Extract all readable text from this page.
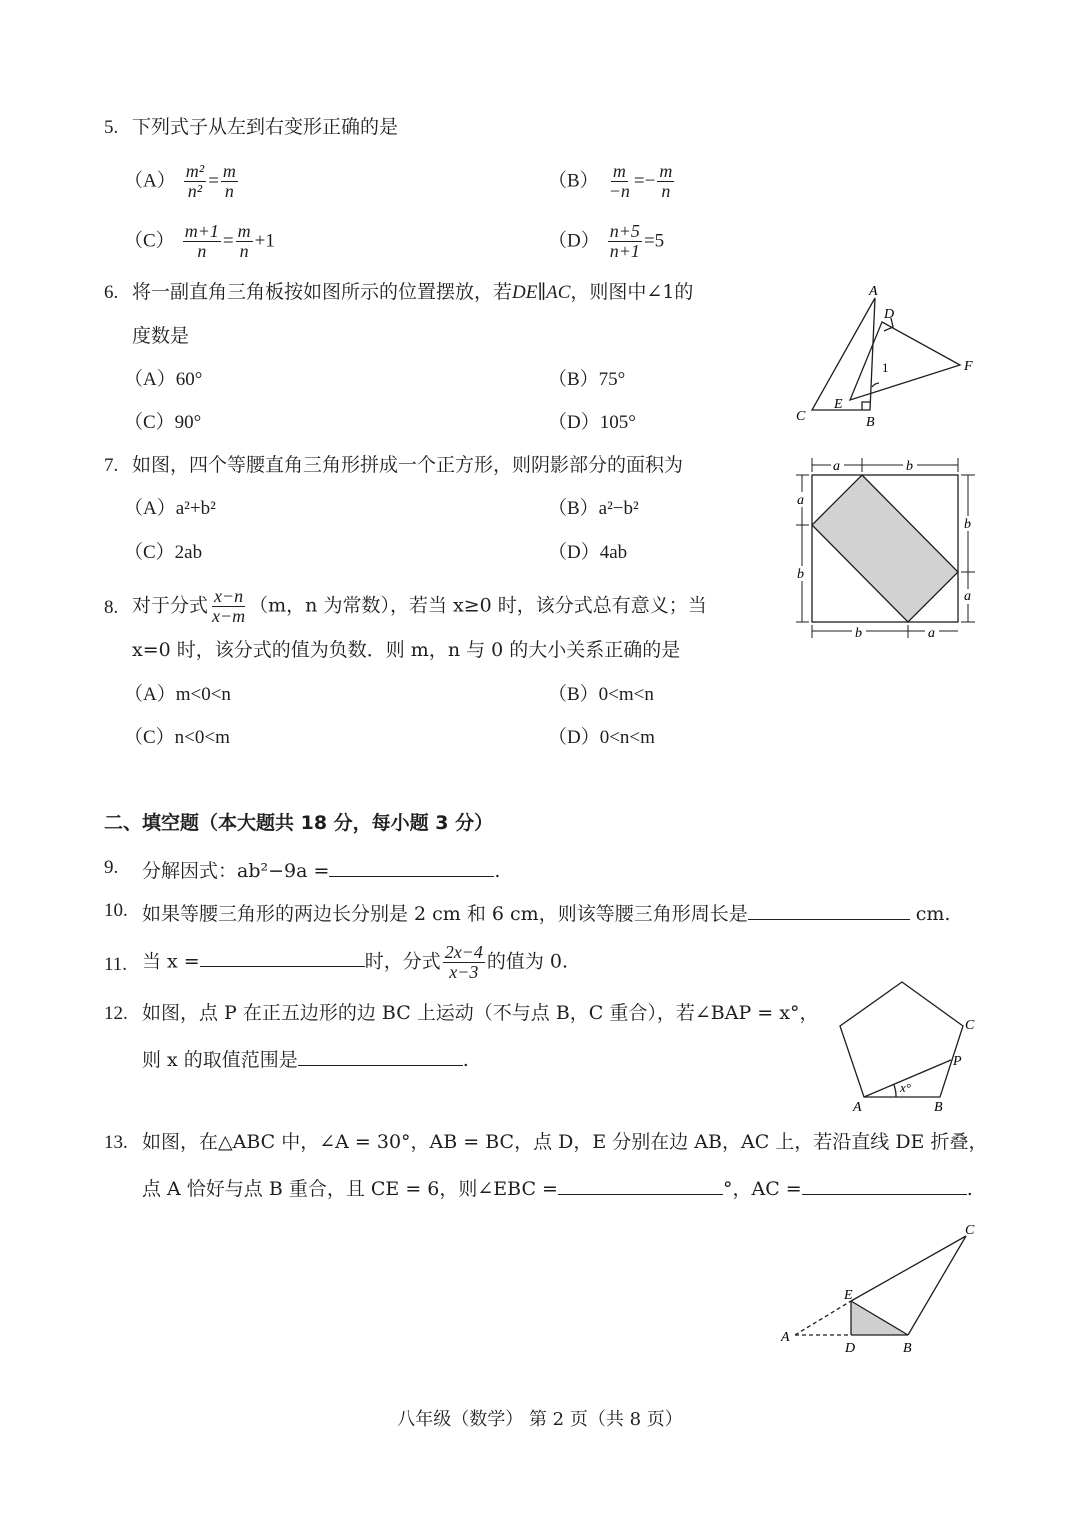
5. 下列式子从左到右变形正确的是
$(A) \frac{\text{m²}}{\text{n²}} = \frac{m}{n}$	$(B) \frac{m}{-n} =- \frac{m}{n}$
$(C) \frac{m+1}{n} = \frac{m}{n} +1$	$(D) \frac{n+5}{n+1} =5$
6. 将一副直角三角板按如图所示的位置摆放，若DE∥AC，则图中∠1的
度数是
（A）60°	（B）75°
（C）90°	（D）105°
A
D
F
1
E
C	B
7. 如图，四个等腰直角三角形拼成一个正方形，则阴影部分的面积为
（A）a²+b²	（B）a²−b²
（C）2ab	（D）4ab
a	b
a
b
b
a
b	a
8. 对于分式 $\frac{x-n}{x-m} (m$，n 为常数），若当 x≥0 时，该分式总有意义；当
x=0 时，该分式的值为负数．则 m，n 与 0 的大小关系正确的是
（A）m<0<n	（B）0<m<n
（C）n<0<m	（D）0<n<m
二、填空题（本大题共 18 分，每小题 3 分）
9. 分解因式：ab²−9a =	.
10. 如果等腰三角形的两边长分别是 2 cm 和 6 cm，则该等腰三角形周长是	cm.
11. 当 x =	时，分式 $\frac{2x-4}{x-3}$ 的值为 0.
12. 如图，点 P 在正五边形的边 BC 上运动（不与点 B，C 重合），若∠BAP = x°，
则 x 的取值范围是	.
C
P
x°
A	B
13. 如图，在△ABC 中，∠A = 30°，AB = BC，点 D，E 分别在边 AB，AC 上，若沿直线 DE 折叠，
点 A 恰好与点 B 重合，且 CE = 6，则∠EBC =	°，AC =	.
C
E
A
D	B
八年级（数学） 第 2 页（共 8 页）
